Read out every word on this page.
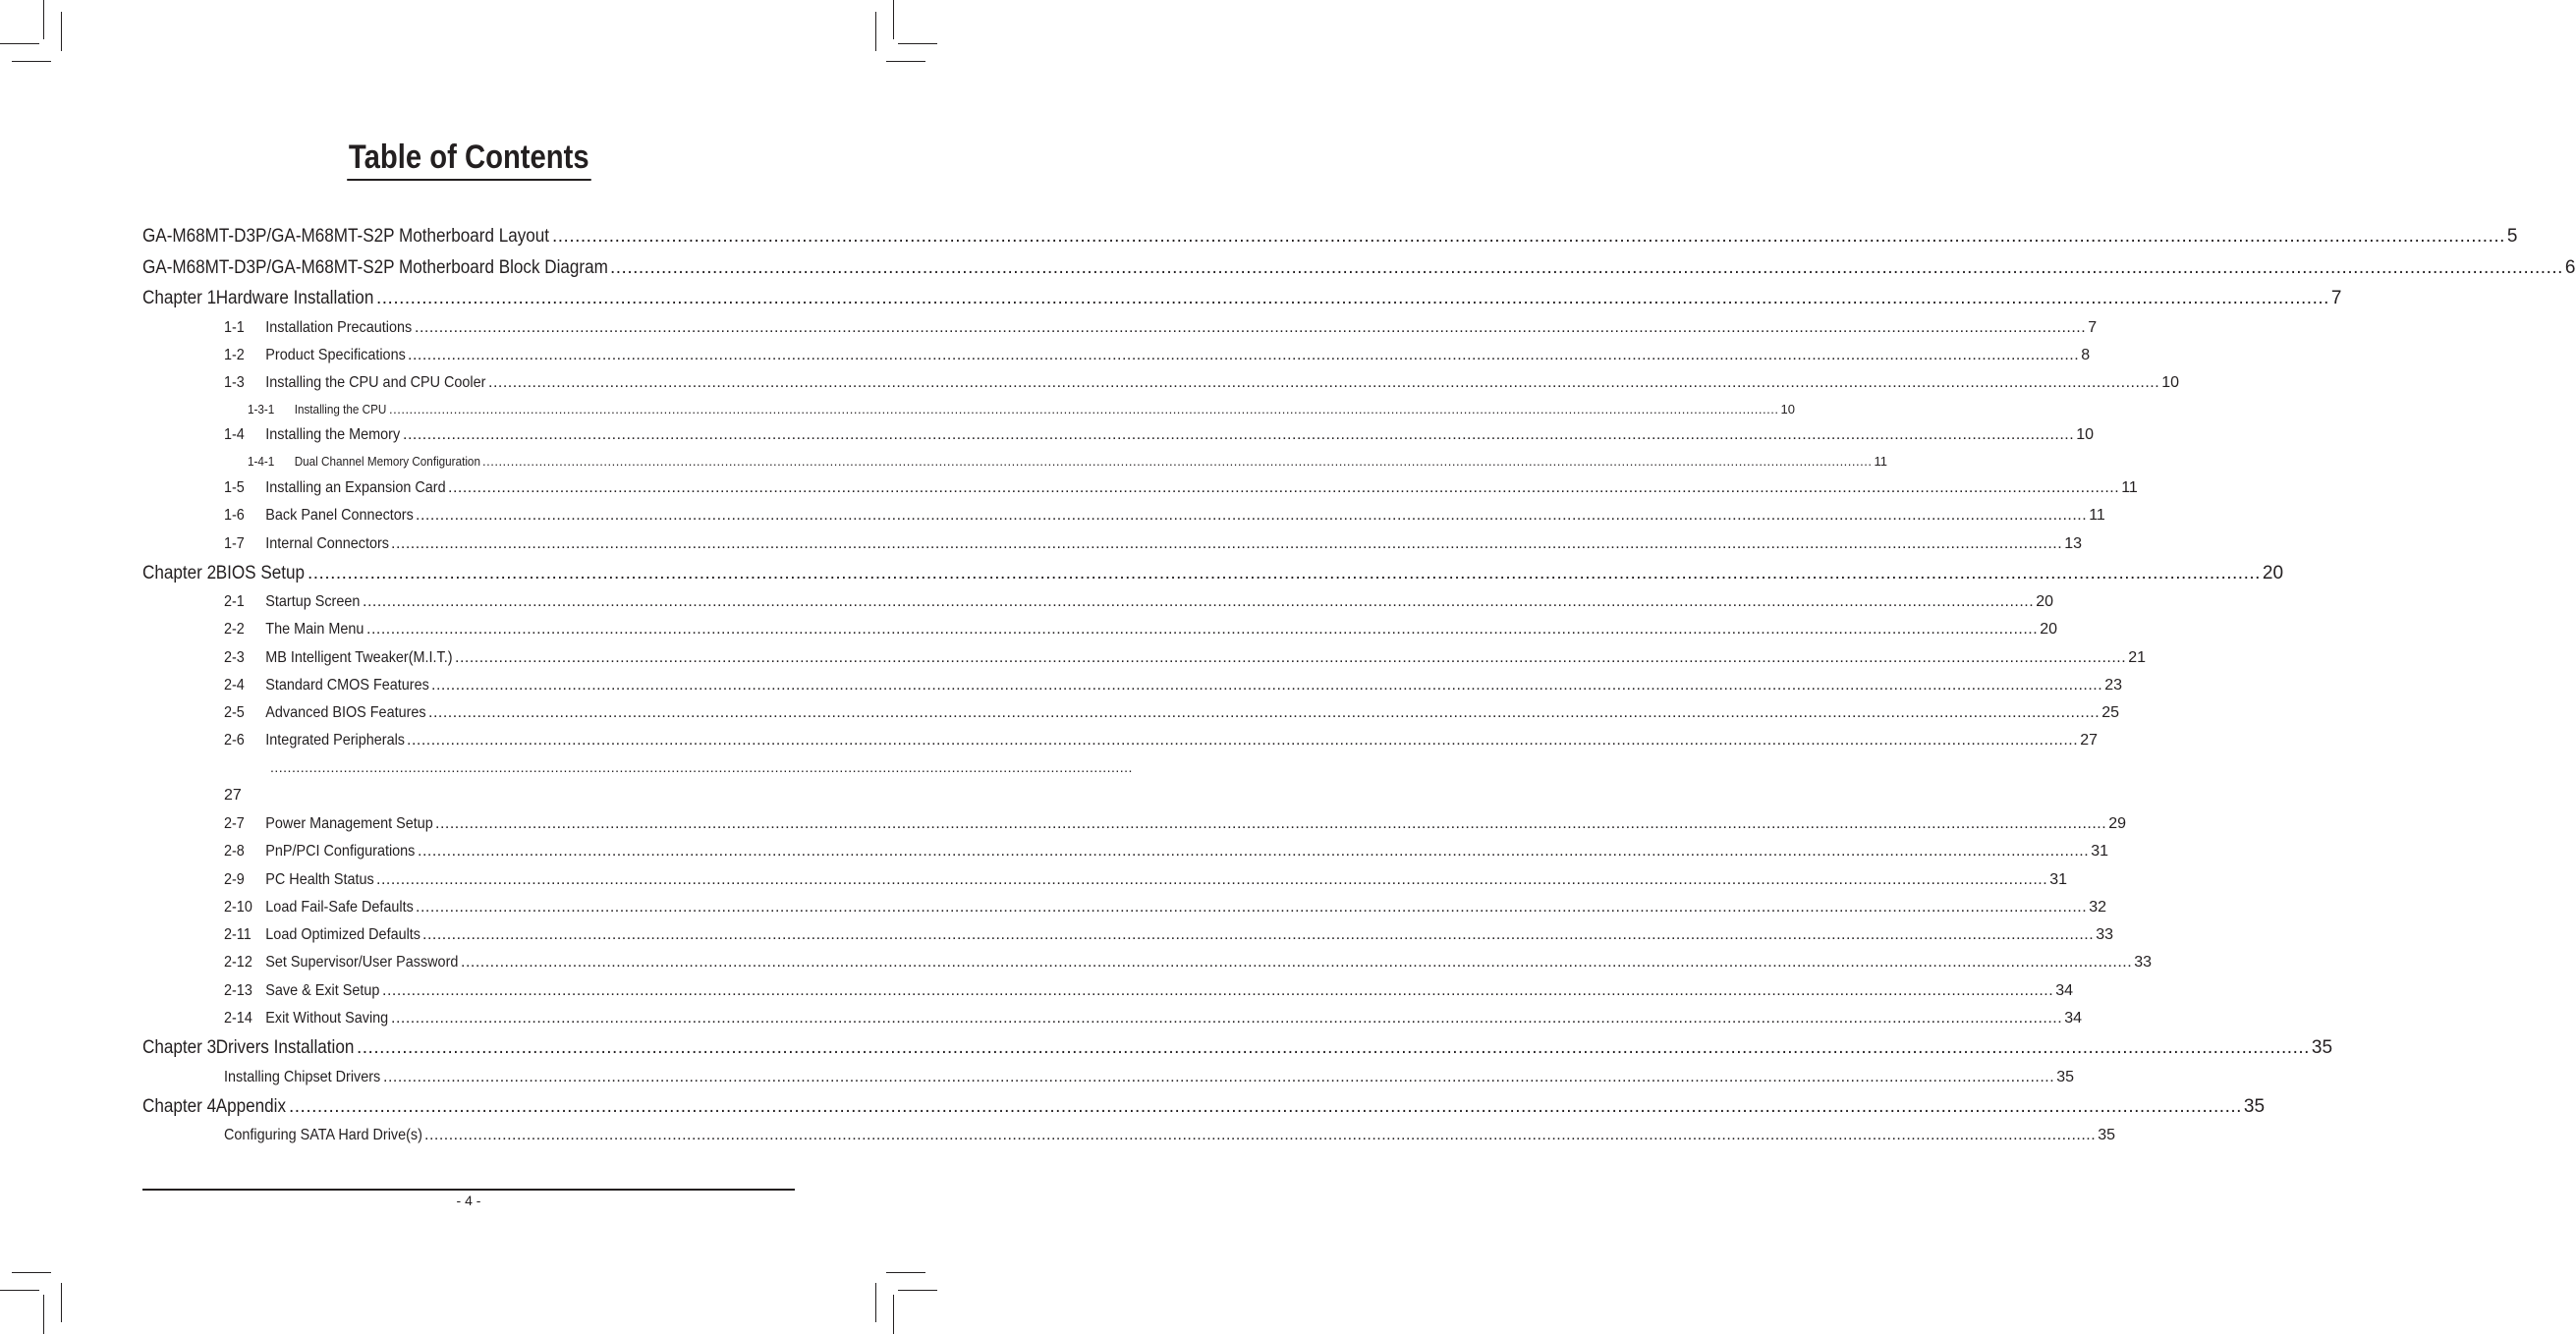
Table of Contents
GA-M68MT-D3P/GA-M68MT-S2P Motherboard Layout .....	5
GA-M68MT-D3P/GA-M68MT-S2P Motherboard Block Diagram .....	6
Chapter 1Hardware Installation .....	7
1-1 Installation Precautions .....	7
1-2 Product Specifications .....	8
1-3 Installing the CPU and CPU Cooler .....	10
1-3-1 Installing the CPU .....	10
1-4 Installing the Memory .....	10
1-4-1 Dual Channel Memory Configuration .....	11
1-5 Installing an Expansion Card .....	11
1-6 Back Panel Connectors .....	11
1-7 Internal Connectors .....	13
Chapter 2BIOS Setup .....	20
2-1 Startup Screen .....	20
2-2 The Main Menu .....	20
2-3 MB Intelligent Tweaker(M.I.T.) .....	21
2-4 Standard CMOS Features .....	23
2-5 Advanced BIOS Features .....	25
2-6 Integrated Peripherals .....	27
2-7 Power Management Setup .....	29
2-8 PnP/PCI Configurations .....	31
2-9 PC Health Status .....	31
2-10 Load Fail-Safe Defaults .....	32
2-11 Load Optimized Defaults .....	33
2-12 Set Supervisor/User Password .....	33
2-13 Save & Exit Setup .....	34
2-14 Exit Without Saving .....	34
Chapter 3Drivers Installation .....	35
Installing Chipset Drivers .....	35
Chapter 4Appendix .....	35
Configuring SATA Hard Drive(s) .....	35
........................................................................................................................................................................................................
27
- 4 -
